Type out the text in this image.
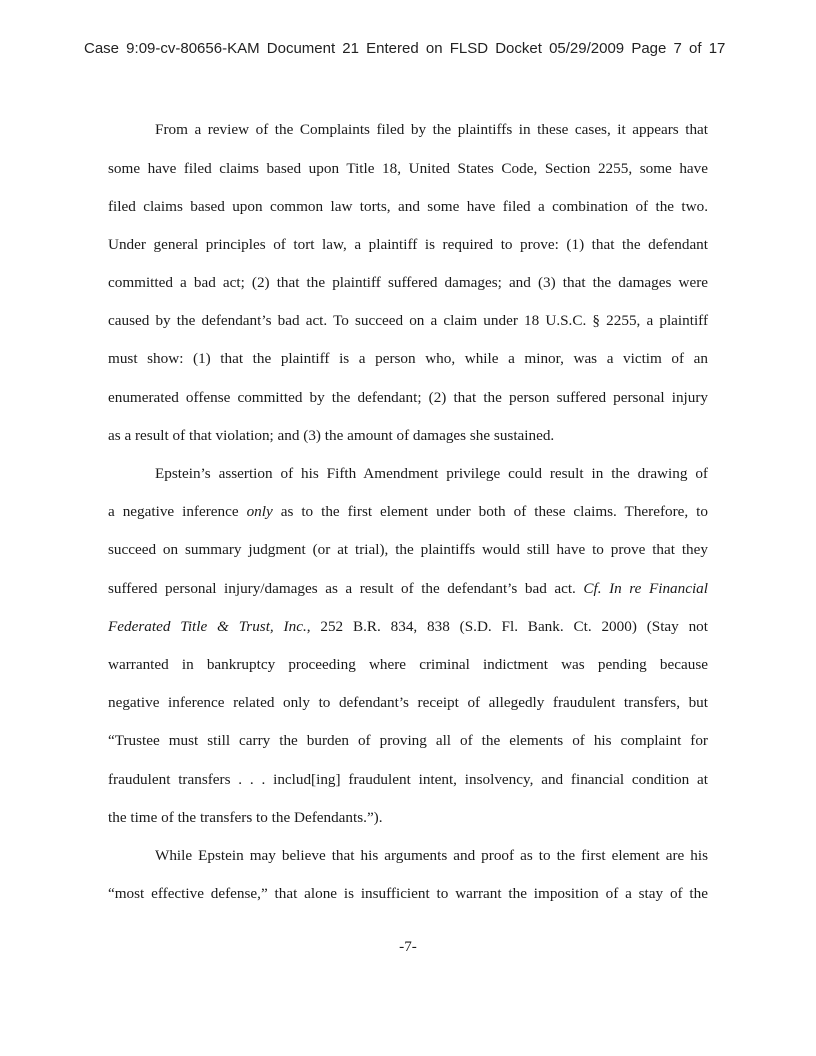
Case 9:09-cv-80656-KAM Document 21 Entered on FLSD Docket 05/29/2009 Page 7 of 17
From a review of the Complaints filed by the plaintiffs in these cases, it appears that
some have filed claims based upon Title 18, United States Code, Section 2255, some have
filed claims based upon common law torts, and some have filed a combination of the two.
Under general principles of tort law, a plaintiff is required to prove: (1) that the defendant
committed a bad act; (2) that the plaintiff suffered damages; and (3) that the damages were
caused by the defendant’s bad act. To succeed on a claim under 18 U.S.C. § 2255, a plaintiff
must show: (1) that the plaintiff is a person who, while a minor, was a victim of an
enumerated offense committed by the defendant; (2) that the person suffered personal injury
as a result of that violation; and (3) the amount of damages she sustained.
Epstein’s assertion of his Fifth Amendment privilege could result in the drawing of
a negative inference only as to the first element under both of these claims. Therefore, to
succeed on summary judgment (or at trial), the plaintiffs would still have to prove that they
suffered personal injury/damages as a result of the defendant’s bad act. Cf. In re Financial
Federated Title & Trust, Inc., 252 B.R. 834, 838 (S.D. Fl. Bank. Ct. 2000) (Stay not
warranted in bankruptcy proceeding where criminal indictment was pending because
negative inference related only to defendant’s receipt of allegedly fraudulent transfers, but
“Trustee must still carry the burden of proving all of the elements of his complaint for
fraudulent transfers . . . includ[ing] fraudulent intent, insolvency, and financial condition at
the time of the transfers to the Defendants.”).
While Epstein may believe that his arguments and proof as to the first element are his
“most effective defense,” that alone is insufficient to warrant the imposition of a stay of the
-7-
